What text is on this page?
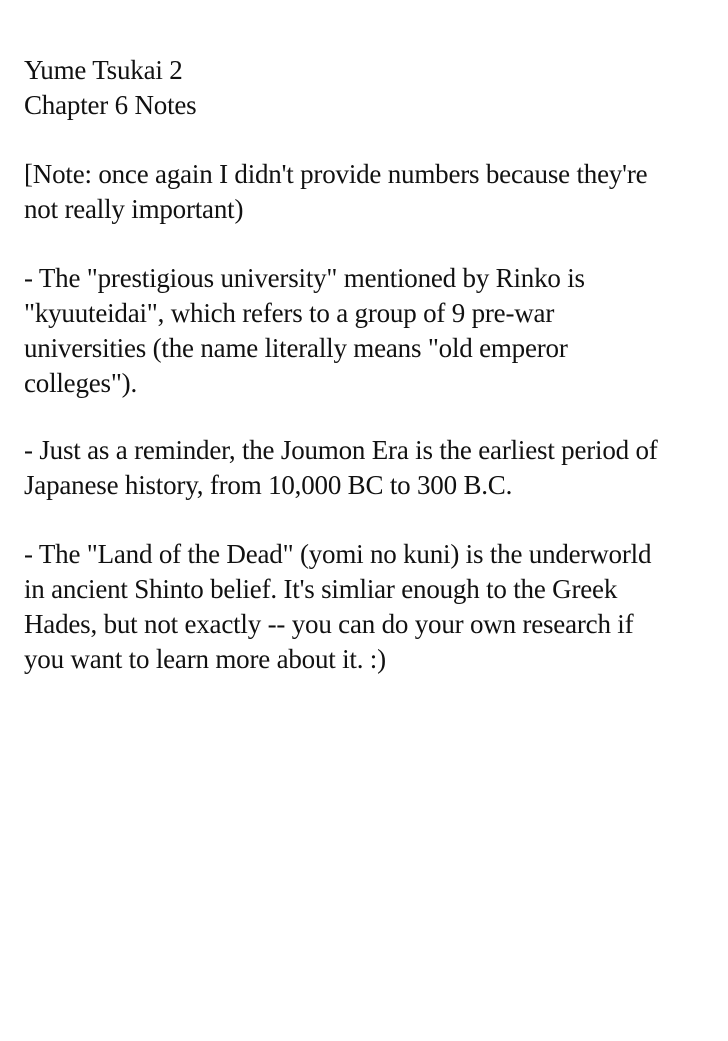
Yume Tsukai 2
Chapter 6 Notes
[Note: once again I didn't provide numbers because they're
not really important)
- The "prestigious university" mentioned by Rinko is
"kyuuteidai", which refers to a group of 9 pre-war
universities (the name literally means "old emperor
colleges").
- Just as a reminder, the Joumon Era is the earliest period of
Japanese history, from 10,000 BC to 300 B.C.
- The "Land of the Dead" (yomi no kuni) is the underworld
in ancient Shinto belief. It's simliar enough to the Greek
Hades, but not exactly -- you can do your own research if
you want to learn more about it. :)
